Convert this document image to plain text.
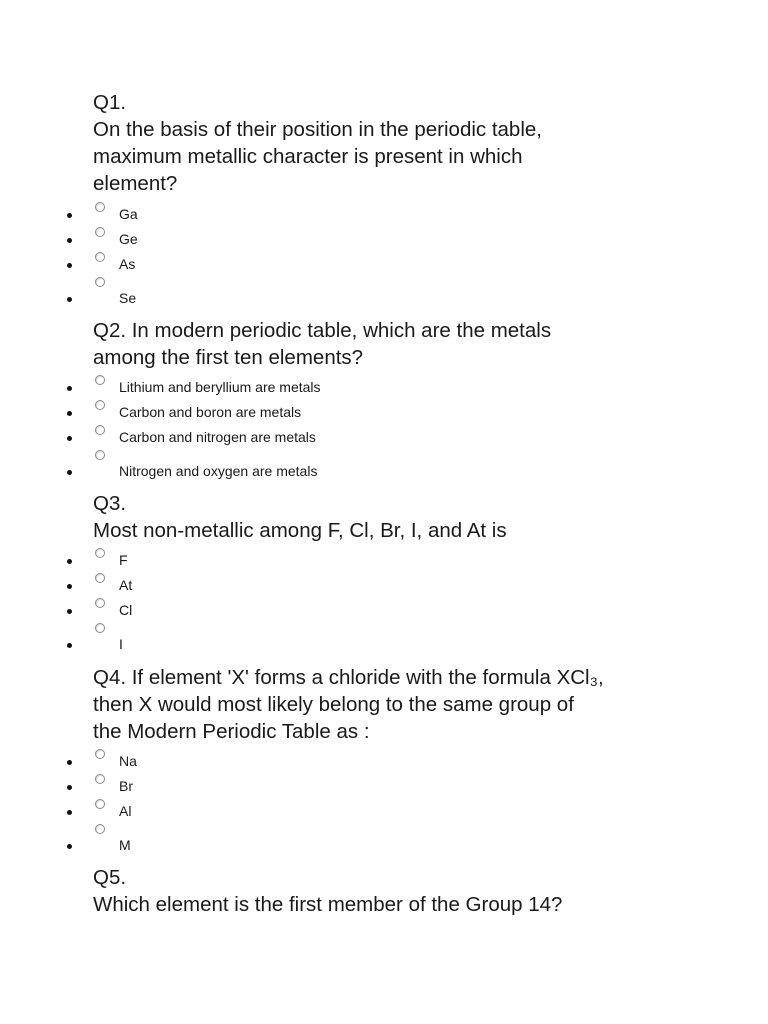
Q1.
On the basis of their position in the periodic table,
maximum metallic character is present in which
element?
Ga
Ge
As
Se
Q2. In modern periodic table, which are the metals
among the first ten elements?
Lithium and beryllium are metals
Carbon and boron are metals
Carbon and nitrogen are metals
Nitrogen and oxygen are metals
Q3.
Most non-metallic among F, Cl, Br, I, and At is
F
At
Cl
I
Q4. If element 'X' forms a chloride with the formula XCl₃,
then X would most likely belong to the same group of
the Modern Periodic Table as :
Na
Br
Al
M
Q5.
Which element is the first member of the Group 14?
